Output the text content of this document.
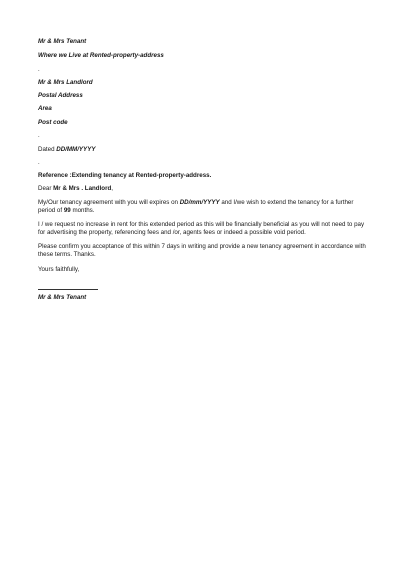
Mr & Mrs Tenant
Where we Live at Rented-property-address
.
Mr & Mrs Landlord
Postal Address
Area
Post code
.
Dated DD/MM/YYYY
.
Reference :Extending tenancy at Rented-property-address.
Dear Mr & Mrs . Landlord,
My/Our tenancy agreement with you will expires on DD/mm/YYYY and I/we wish to extend the tenancy for a further period of 99 months.
I / we request no increase in rent for this extended period as this will be financially beneficial as you will not need to pay for advertising the property, referencing fees and /or, agents fees or indeed a possible void period.
Please confirm you acceptance of this within 7 days in writing and provide a new tenancy agreement in accordance with these terms. Thanks.
Yours faithfully,
Mr & Mrs Tenant
